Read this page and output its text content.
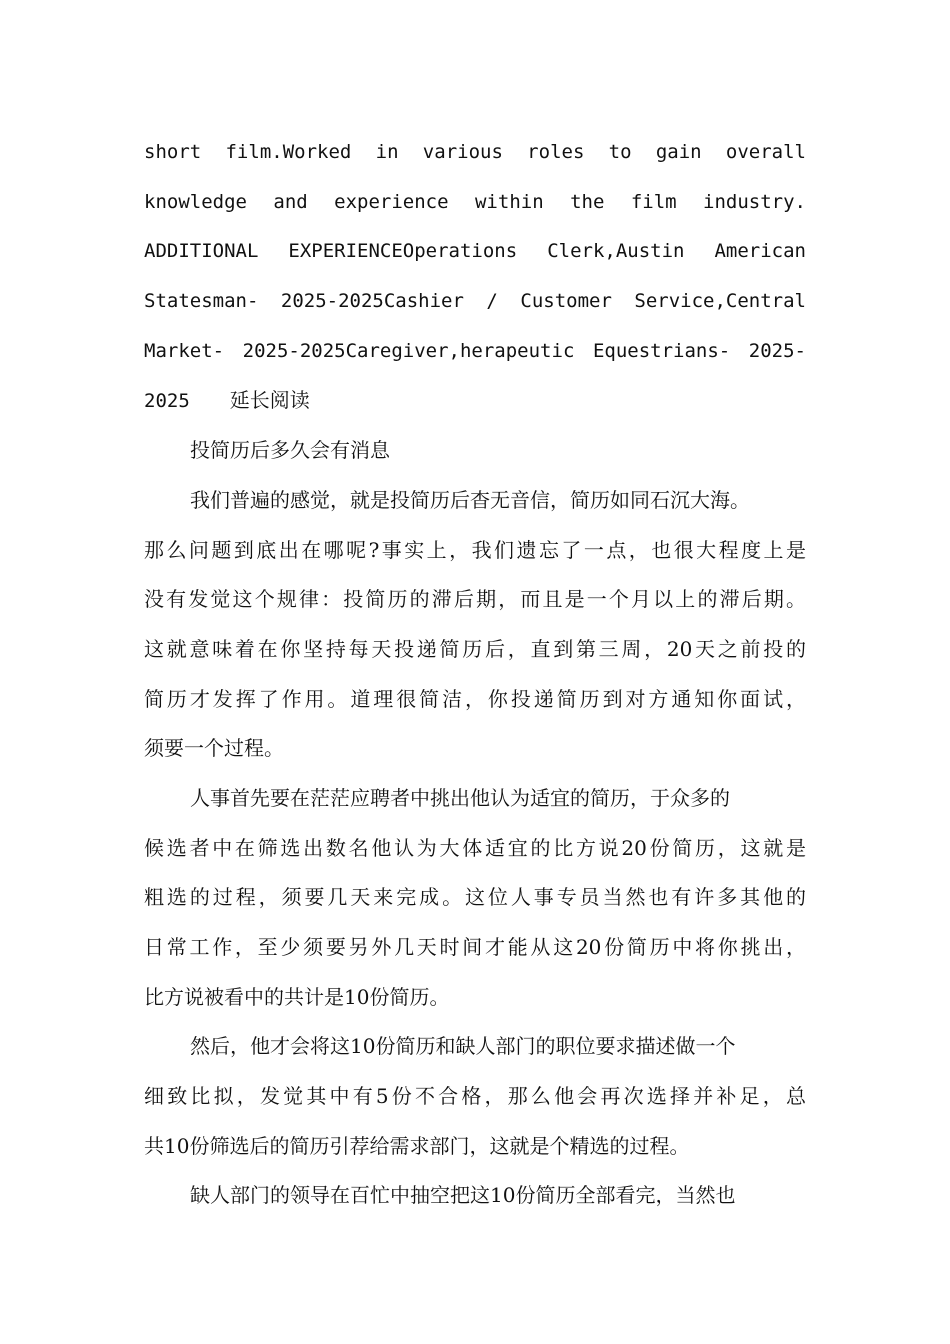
short film.Worked in various roles to gain overall
knowledge and experience within the film industry.
ADDITIONAL EXPERIENCEOperations Clerk,Austin American
Statesman- 2025-2025Cashier / Customer Service,Central
Market- 2025-2025Caregiver,herapeutic Equestrians- 2025-
2025 延长阅读
投简历后多久会有消息
我们普遍的感觉，就是投简历后杳无音信，简历如同石沉大海。
那么问题到底出在哪呢?事实上，我们遗忘了一点，也很大程度上是
没有发觉这个规律：投简历的滞后期，而且是一个月以上的滞后期。
这就意味着在你坚持每天投递简历后，直到第三周，20天之前投的
简历才发挥了作用。道理很简洁，你投递简历到对方通知你面试，
须要一个过程。
人事首先要在茫茫应聘者中挑出他认为适宜的简历，于众多的
候选者中在筛选出数名他认为大体适宜的比方说20份简历，这就是
粗选的过程，须要几天来完成。这位人事专员当然也有许多其他的
日常工作，至少须要另外几天时间才能从这20份简历中将你挑出，
比方说被看中的共计是10份简历。
然后，他才会将这10份简历和缺人部门的职位要求描述做一个
细致比拟，发觉其中有5份不合格，那么他会再次选择并补足，总
共10份筛选后的简历引荐给需求部门，这就是个精选的过程。
缺人部门的领导在百忙中抽空把这10份简历全部看完，当然也
